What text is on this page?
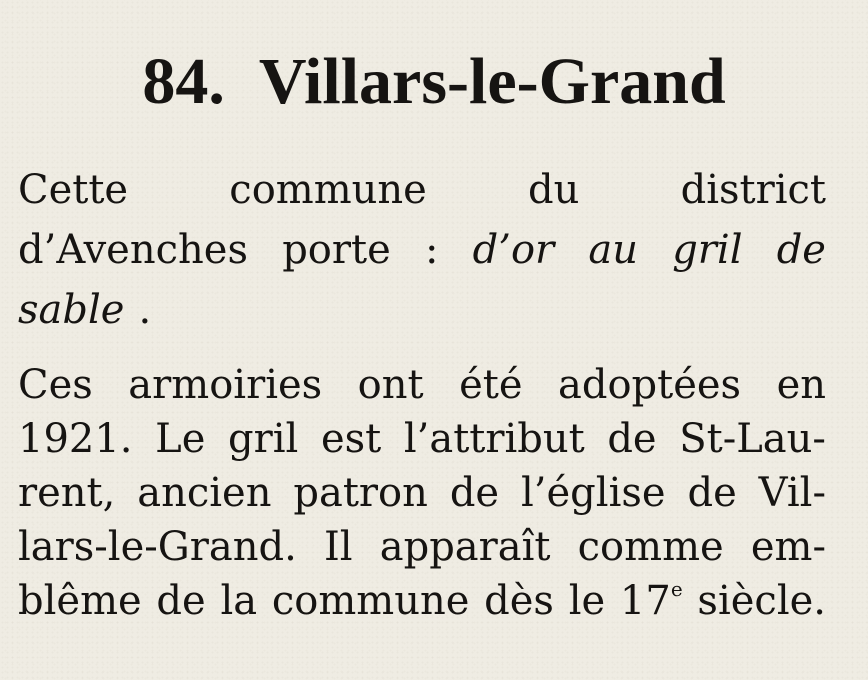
84. Villars-le-Grand
Cette	commune	du	district
d’Avenches porte : d’or au gril de
sable .
Ces armoiries ont été adoptées en
1921. Le gril est l’attribut de St-Lau-
rent, ancien patron de l’église de Vil-
lars-le-Grand. Il apparaît comme em-
blême de la commune dès le 17e siècle.
